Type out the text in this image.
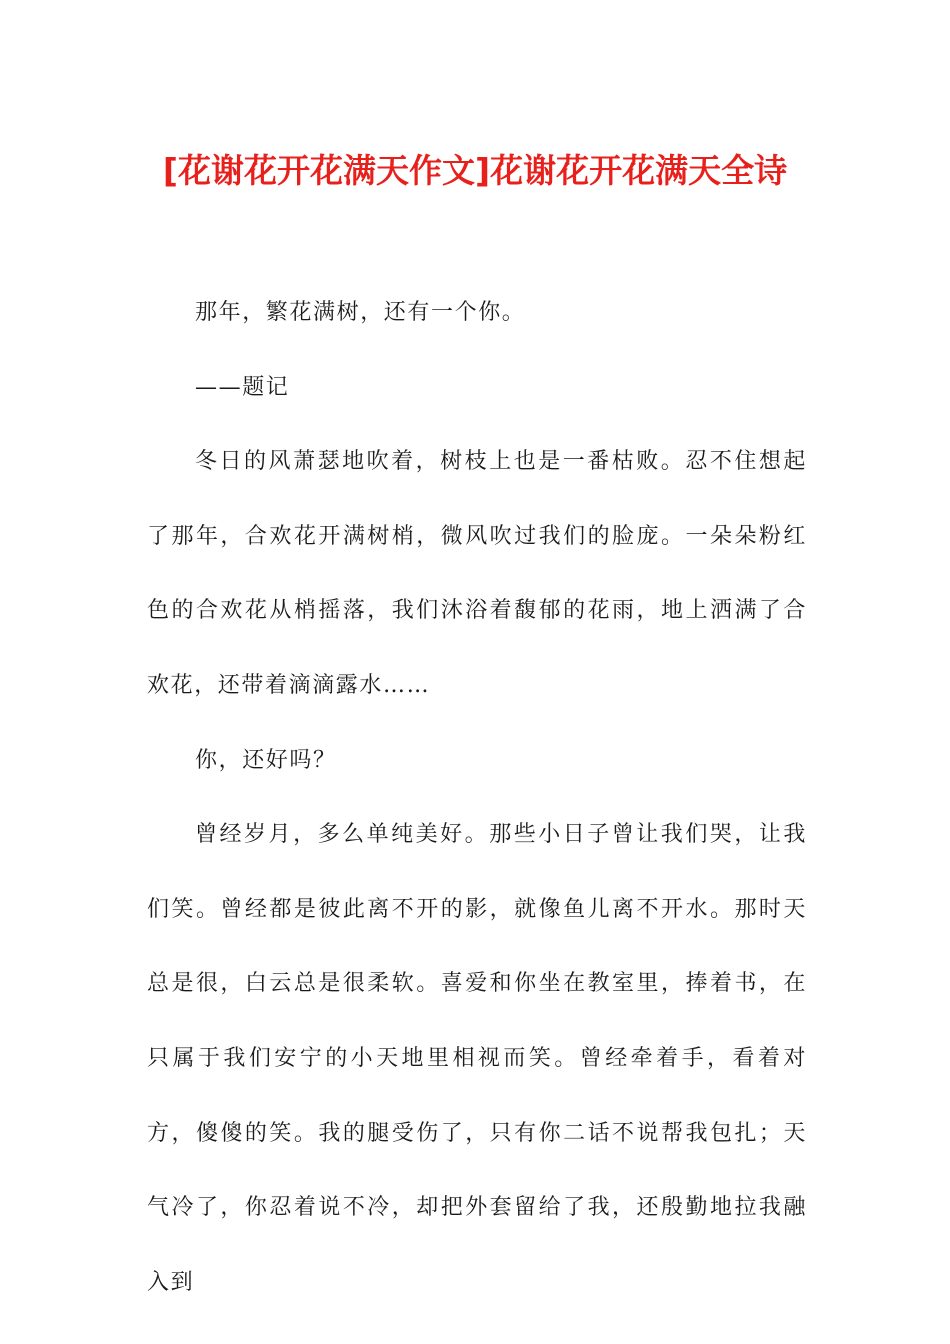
[花谢花开花满天作文]花谢花开花满天全诗

那年，繁花满树，还有一个你。

——题记

冬日的风萧瑟地吹着，树枝上也是一番枯败。忍不住想起了那年，合欢花开满树梢，微风吹过我们的脸庞。一朵朵粉红色的合欢花从梢摇落，我们沐浴着馥郁的花雨，地上洒满了合欢花，还带着滴滴露水……

你，还好吗？

曾经岁月，多么单纯美好。那些小日子曾让我们哭，让我们笑。曾经都是彼此离不开的影，就像鱼儿离不开水。那时天总是很，白云总是很柔软。喜爱和你坐在教室里，捧着书，在只属于我们安宁的小天地里相视而笑。曾经牵着手，看着对方，傻傻的笑。我的腿受伤了，只有你二话不说帮我包扎；天气冷了，你忍着说不冷，却把外套留给了我，还殷勤地拉我融入到
